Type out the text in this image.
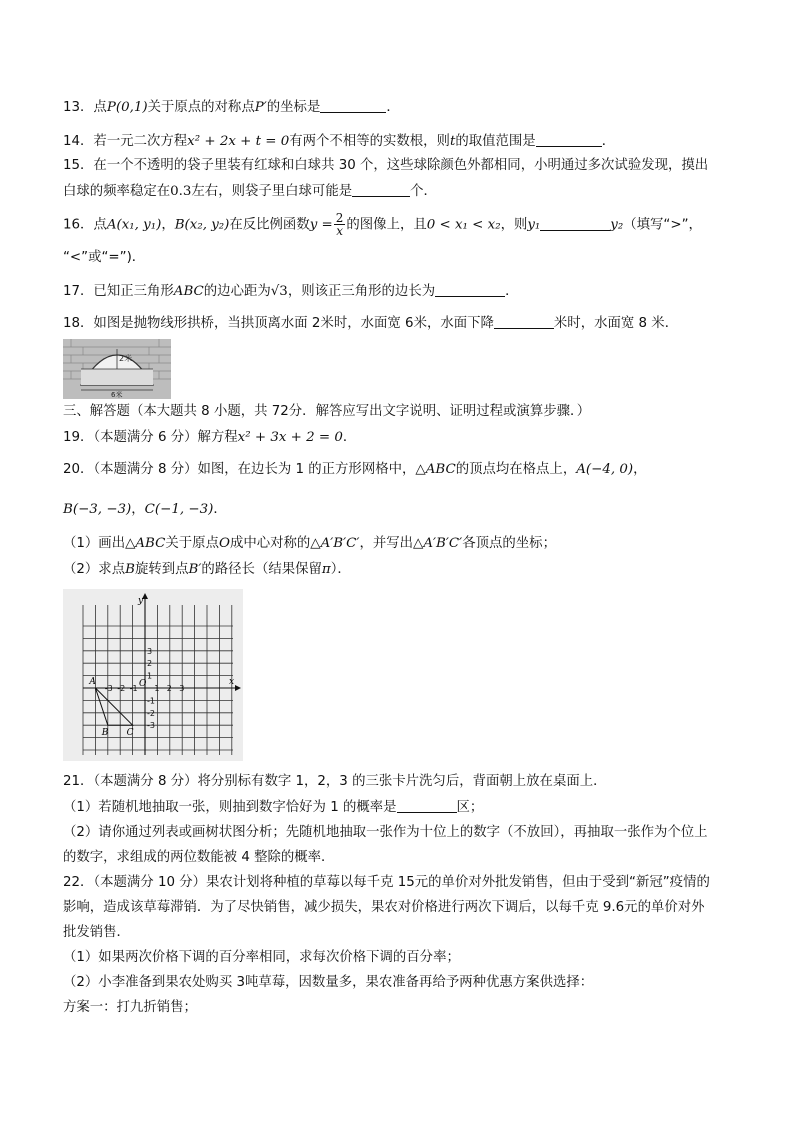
13．点P(0,1)关于原点的对称点P′的坐标是	．
14．若一元二次方程x² + 2x + t = 0有两个不相等的实数根，则t的取值范围是	．
15．在一个不透明的袋子里装有红球和白球共 30 个，这些球除颜色外都相同，小明通过多次试验发现，摸出
白球的频率稳定在0.3左右，则袋子里白球可能是	个．
16．点A(x₁, y₁)，B(x₂, y₂)在反比例函数$y = \frac{2}{x}$ 的图像上，且0 < x₁ < x₂，则y₁	y₂（填写“>”，
“<”或“=”)．
17．已知正三角形ABC的边心距为√3，则该正三角形的边长为	．
18．如图是抛物线形拱桥，当拱顶离水面 2米时，水面宽 6米，水面下降	米时，水面宽 8 米．
2米
6米
三、解答题（本大题共 8 小题，共 72分．解答应写出文字说明、证明过程或演算步骤．）
19．（本题满分 6 分）解方程x² + 3x + 2 = 0．
20．（本题满分 8 分）如图，在边长为 1 的正方形网格中，△ABC的顶点均在格点上，A(−4, 0)，
B(−3, −3)，C(−1, −3)．
（1）画出△ABC关于原点O成中心对称的△A′B′C′，并写出△A′B′C′各顶点的坐标；
（2）求点B旋转到点B′的路径长（结果保留π）．
x
y
-3 -2 -1 1 2 3
3
2
1
-1
-2
-3
A
B C
O
21．（本题满分 8 分）将分别标有数字 1，2，3 的三张卡片洗匀后，背面朝上放在桌面上．
（1）若随机地抽取一张，则抽到数字恰好为 1 的概率是	区；
（2）请你通过列表或画树状图分析；先随机地抽取一张作为十位上的数字（不放回），再抽取一张作为个位上
的数字，求组成的两位数能被 4 整除的概率．
22．（本题满分 10 分）果农计划将种植的草莓以每千克 15元的单价对外批发销售，但由于受到“新冠”疫情的
影响，造成该草莓滞销．为了尽快销售，减少损失，果农对价格进行两次下调后，以每千克 9.6元的单价对外
批发销售．
（1）如果两次价格下调的百分率相同，求每次价格下调的百分率；
（2）小李准备到果农处购买 3吨草莓，因数量多，果农准备再给予两种优惠方案供选择：
方案一：打九折销售；
